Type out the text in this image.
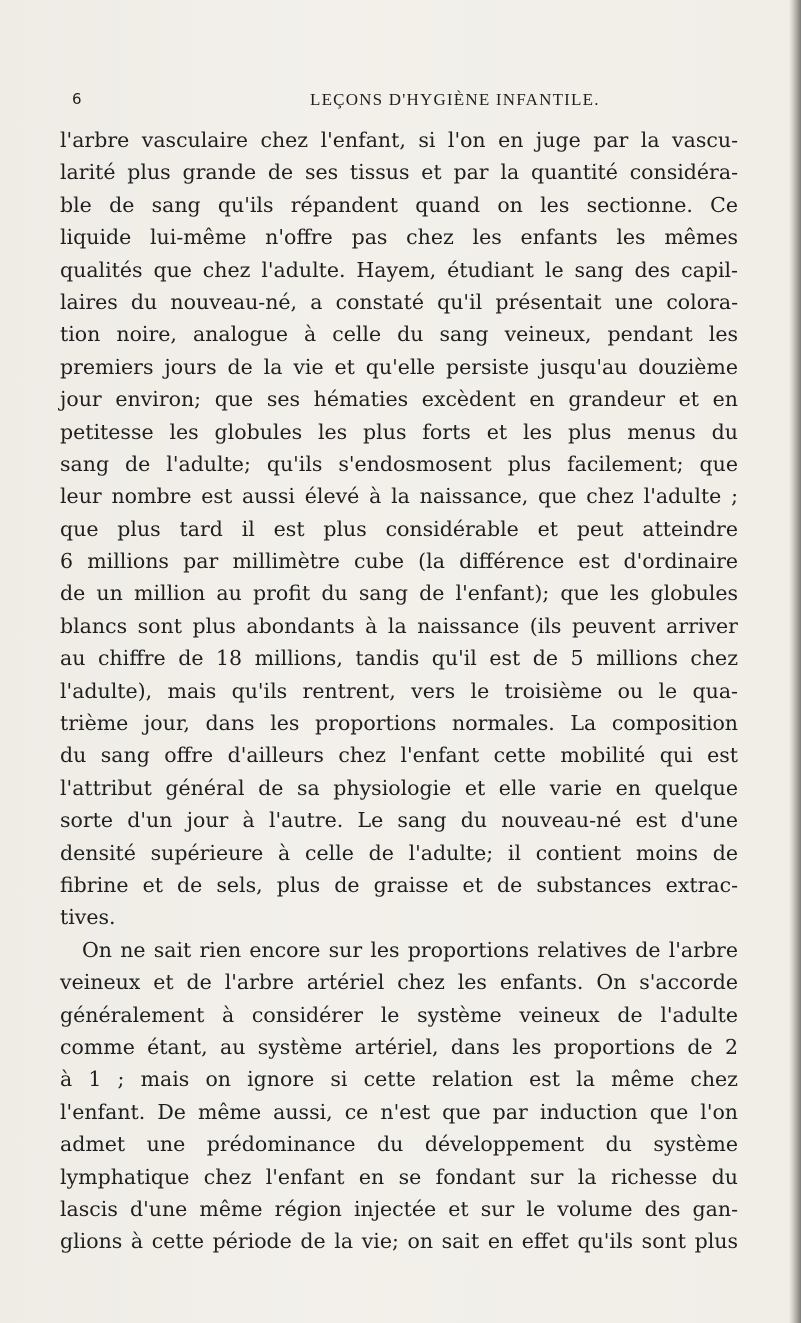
6	LEÇONS D'HYGIÈNE INFANTILE.
l'arbre vasculaire chez l'enfant, si l'on en juge par la vascu-
larité plus grande de ses tissus et par la quantité considéra-
ble de sang qu'ils répandent quand on les sectionne. Ce
liquide lui-même n'offre pas chez les enfants les mêmes
qualités que chez l'adulte. Hayem, étudiant le sang des capil-
laires du nouveau-né, a constaté qu'il présentait une colora-
tion noire, analogue à celle du sang veineux, pendant les
premiers jours de la vie et qu'elle persiste jusqu'au douzième
jour environ; que ses hématies excèdent en grandeur et en
petitesse les globules les plus forts et les plus menus du
sang de l'adulte; qu'ils s'endosmosent plus facilement; que
leur nombre est aussi élevé à la naissance, que chez l'adulte ;
que plus tard il est plus considérable et peut atteindre
6 millions par millimètre cube (la différence est d'ordinaire
de un million au profit du sang de l'enfant); que les globules
blancs sont plus abondants à la naissance (ils peuvent arriver
au chiffre de 18 millions, tandis qu'il est de 5 millions chez
l'adulte), mais qu'ils rentrent, vers le troisième ou le qua-
trième jour, dans les proportions normales. La composition
du sang offre d'ailleurs chez l'enfant cette mobilité qui est
l'attribut général de sa physiologie et elle varie en quelque
sorte d'un jour à l'autre. Le sang du nouveau-né est d'une
densité supérieure à celle de l'adulte; il contient moins de
fibrine et de sels, plus de graisse et de substances extrac-
tives.
On ne sait rien encore sur les proportions relatives de l'arbre
veineux et de l'arbre artériel chez les enfants. On s'accorde
généralement à considérer le système veineux de l'adulte
comme étant, au système artériel, dans les proportions de 2
à 1 ; mais on ignore si cette relation est la même chez
l'enfant. De même aussi, ce n'est que par induction que l'on
admet une prédominance du développement du système
lymphatique chez l'enfant en se fondant sur la richesse du
lascis d'une même région injectée et sur le volume des gan-
glions à cette période de la vie; on sait en effet qu'ils sont plus
